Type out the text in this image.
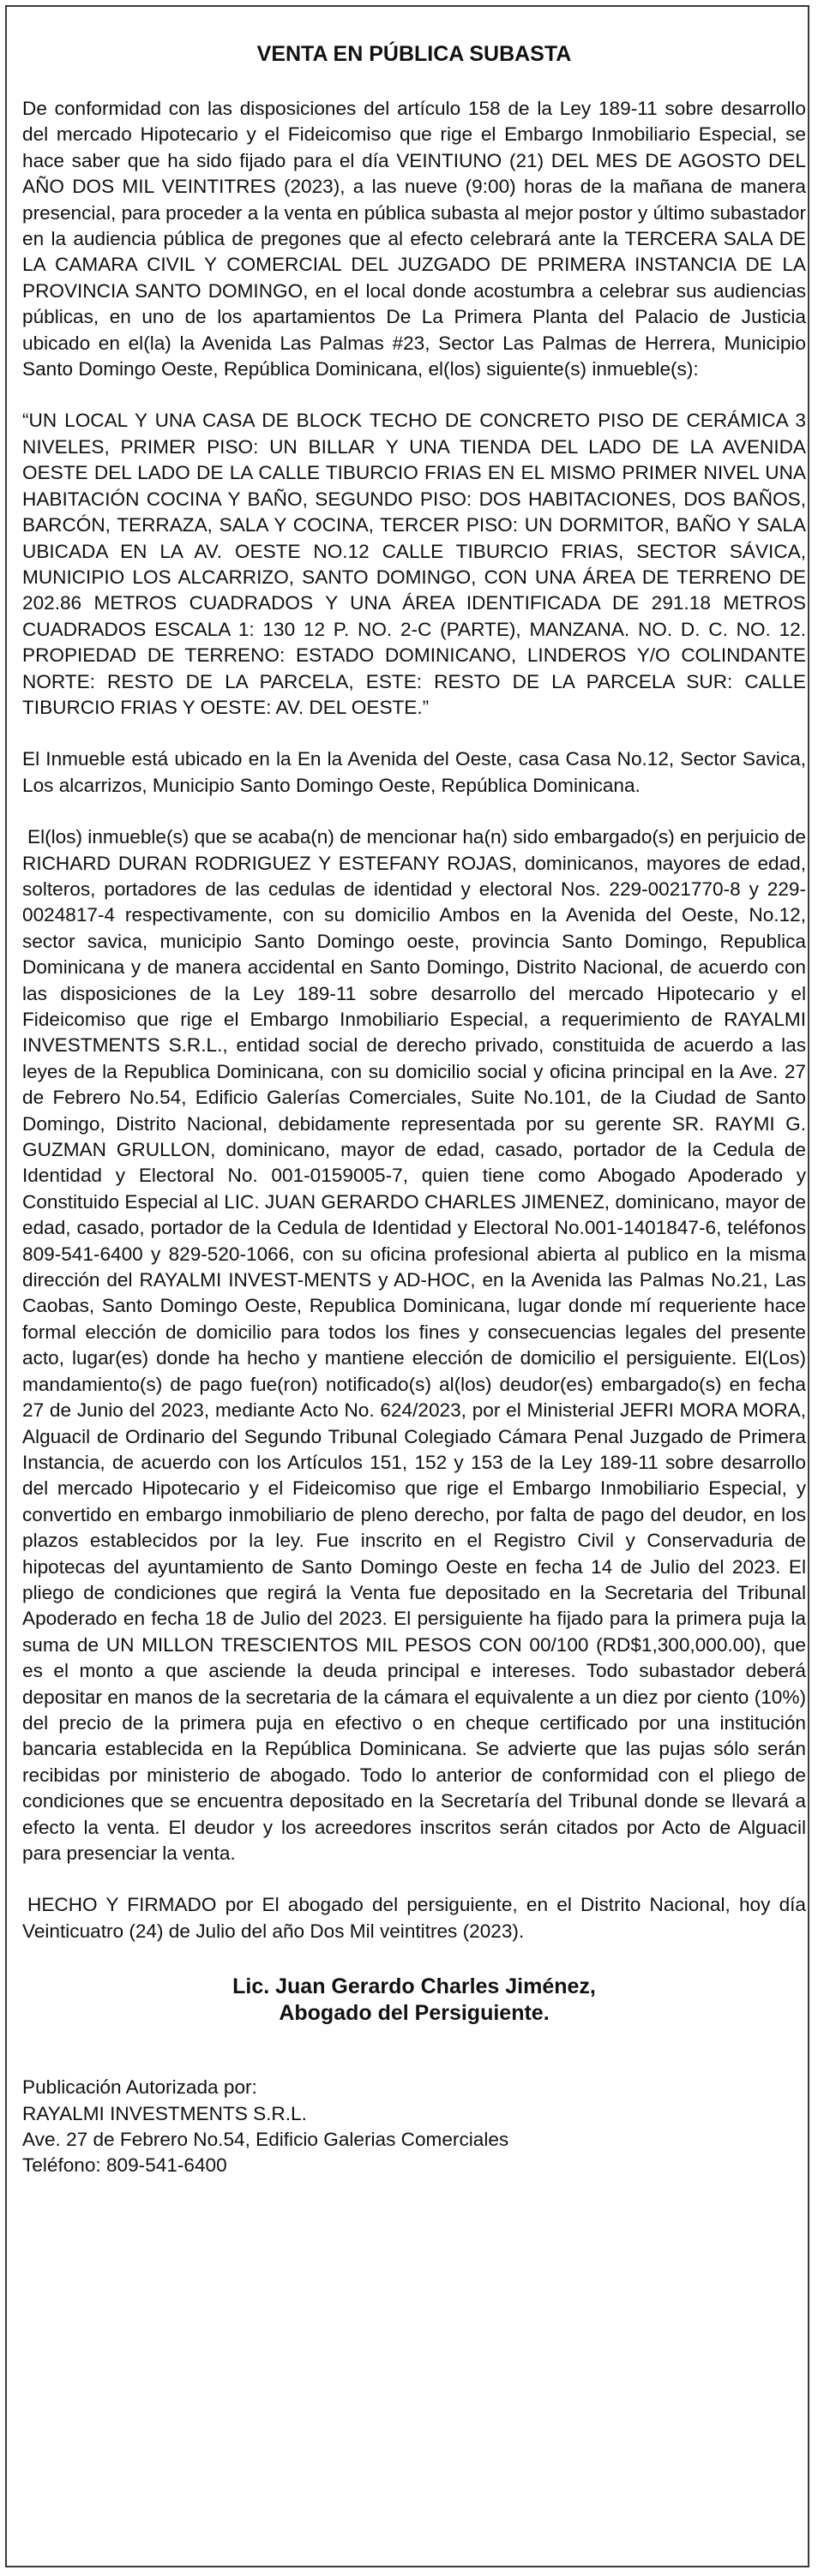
VENTA EN PÚBLICA SUBASTA
De conformidad con las disposiciones del artículo 158 de la Ley 189-11 sobre desarrollo del mercado Hipotecario y el Fideicomiso que rige el Embargo Inmobiliario Especial, se hace saber que ha sido fijado para el día VEINTIUNO (21) DEL MES DE AGOSTO DEL AÑO DOS MIL VEINTITRES (2023), a las nueve (9:00) horas de la mañana de manera presencial, para proceder a la venta en pública subasta al mejor postor y último subastador en la audiencia pública de pregones que al efecto celebrará ante la TERCERA SALA DE LA CAMARA CIVIL Y COMERCIAL DEL JUZGADO DE PRIMERA INSTANCIA DE LA PROVINCIA SANTO DOMINGO, en el local donde acostumbra a celebrar sus audiencias públicas, en uno de los apartamientos De La Primera Planta del Palacio de Justicia ubicado en el(la) la Avenida Las Palmas #23, Sector Las Palmas de Herrera, Municipio Santo Domingo Oeste, República Dominicana, el(los) siguiente(s) inmueble(s):
“UN LOCAL Y UNA CASA DE BLOCK TECHO DE CONCRETO PISO DE CERÁMICA 3 NIVELES, PRIMER PISO: UN BILLAR Y UNA TIENDA DEL LADO DE LA AVENIDA OESTE DEL LADO DE LA CALLE TIBURCIO FRIAS EN EL MISMO PRIMER NIVEL UNA HABITACIÓN COCINA Y BAÑO, SEGUNDO PISO: DOS HABITACIONES, DOS BAÑOS, BARCÓN, TERRAZA, SALA Y COCINA, TERCER PISO: UN DORMITOR, BAÑO Y SALA UBICADA EN LA AV. OESTE NO.12 CALLE TIBURCIO FRIAS, SECTOR SÁVICA, MUNICIPIO LOS ALCARRIZO, SANTO DOMINGO, CON UNA ÁREA DE TERRENO DE 202.86 METROS CUADRADOS Y UNA ÁREA IDENTIFICADA DE 291.18 METROS CUADRADOS ESCALA 1: 130 12 P. NO. 2-C (PARTE), MANZANA. NO. D. C. NO. 12. PROPIEDAD DE TERRENO: ESTADO DOMINICANO, LINDEROS Y/O COLINDANTE NORTE: RESTO DE LA PARCELA, ESTE: RESTO DE LA PARCELA SUR: CALLE TIBURCIO FRIAS Y OESTE: AV. DEL OESTE.”
El Inmueble está ubicado en la En la Avenida del Oeste, casa Casa No.12, Sector Savica, Los alcarrizos, Municipio Santo Domingo Oeste, República Dominicana.
El(los) inmueble(s) que se acaba(n) de mencionar ha(n) sido embargado(s) en perjuicio de RICHARD DURAN RODRIGUEZ Y ESTEFANY ROJAS, dominicanos, mayores de edad, solteros, portadores de las cedulas de identidad y electoral Nos. 229-0021770-8 y 229-0024817-4 respectivamente, con su domicilio Ambos en la Avenida del Oeste, No.12, sector savica, municipio Santo Domingo oeste, provincia Santo Domingo, Republica Dominicana y de manera accidental en Santo Domingo, Distrito Nacional, de acuerdo con las disposiciones de la Ley 189-11 sobre desarrollo del mercado Hipotecario y el Fideicomiso que rige el Embargo Inmobiliario Especial, a requerimiento de RAYALMI INVESTMENTS S.R.L., entidad social de derecho privado, constituida de acuerdo a las leyes de la Republica Dominicana, con su domicilio social y oficina principal en la Ave. 27 de Febrero No.54, Edificio Galerías Comerciales, Suite No.101, de la Ciudad de Santo Domingo, Distrito Nacional, debidamente representada por su gerente SR. RAYMI G. GUZMAN GRULLON, dominicano, mayor de edad, casado, portador de la Cedula de Identidad y Electoral No. 001-0159005-7, quien tiene como Abogado Apoderado y Constituido Especial al LIC. JUAN GERARDO CHARLES JIMENEZ, dominicano, mayor de edad, casado, portador de la Cedula de Identidad y Electoral No.001-1401847-6, teléfonos 809-541-6400 y 829-520-1066, con su oficina profesional abierta al publico en la misma dirección del RAYALMI INVEST-MENTS y AD-HOC, en la Avenida las Palmas No.21, Las Caobas, Santo Domingo Oeste, Republica Dominicana, lugar donde mí requeriente hace formal elección de domicilio para todos los fines y consecuencias legales del presente acto, lugar(es) donde ha hecho y mantiene elección de domicilio el persiguiente. El(Los) mandamiento(s) de pago fue(ron) notificado(s) al(los) deudor(es) embargado(s) en fecha 27 de Junio del 2023, mediante Acto No. 624/2023, por el Ministerial JEFRI MORA MORA, Alguacil de Ordinario del Segundo Tribunal Colegiado Cámara Penal Juzgado de Primera Instancia, de acuerdo con los Artículos 151, 152 y 153 de la Ley 189-11 sobre desarrollo del mercado Hipotecario y el Fideicomiso que rige el Embargo Inmobiliario Especial, y convertido en embargo inmobiliario de pleno derecho, por falta de pago del deudor, en los plazos establecidos por la ley. Fue inscrito en el Registro Civil y Conservaduria de hipotecas del ayuntamiento de Santo Domingo Oeste en fecha 14 de Julio del 2023. El pliego de condiciones que regirá la Venta fue depositado en la Secretaria del Tribunal Apoderado en fecha 18 de Julio del 2023. El persiguiente ha fijado para la primera puja la suma de UN MILLON TRESCIENTOS MIL PESOS CON 00/100 (RD$1,300,000.00), que es el monto a que asciende la deuda principal e intereses. Todo subastador deberá depositar en manos de la secretaria de la cámara el equivalente a un diez por ciento (10%) del precio de la primera puja en efectivo o en cheque certificado por una institución bancaria establecida en la República Dominicana. Se advierte que las pujas sólo serán recibidas por ministerio de abogado. Todo lo anterior de conformidad con el pliego de condiciones que se encuentra depositado en la Secretaría del Tribunal donde se llevará a efecto la venta. El deudor y los acreedores inscritos serán citados por Acto de Alguacil para presenciar la venta.
HECHO Y FIRMADO por El abogado del persiguiente, en el Distrito Nacional, hoy día Veinticuatro (24) de Julio del año Dos Mil veintitres (2023).
Lic. Juan Gerardo Charles Jiménez,
Abogado del Persiguiente.
Publicación Autorizada por:
RAYALMI INVESTMENTS S.R.L.
Ave. 27 de Febrero No.54, Edificio Galerias Comerciales
Teléfono: 809-541-6400
